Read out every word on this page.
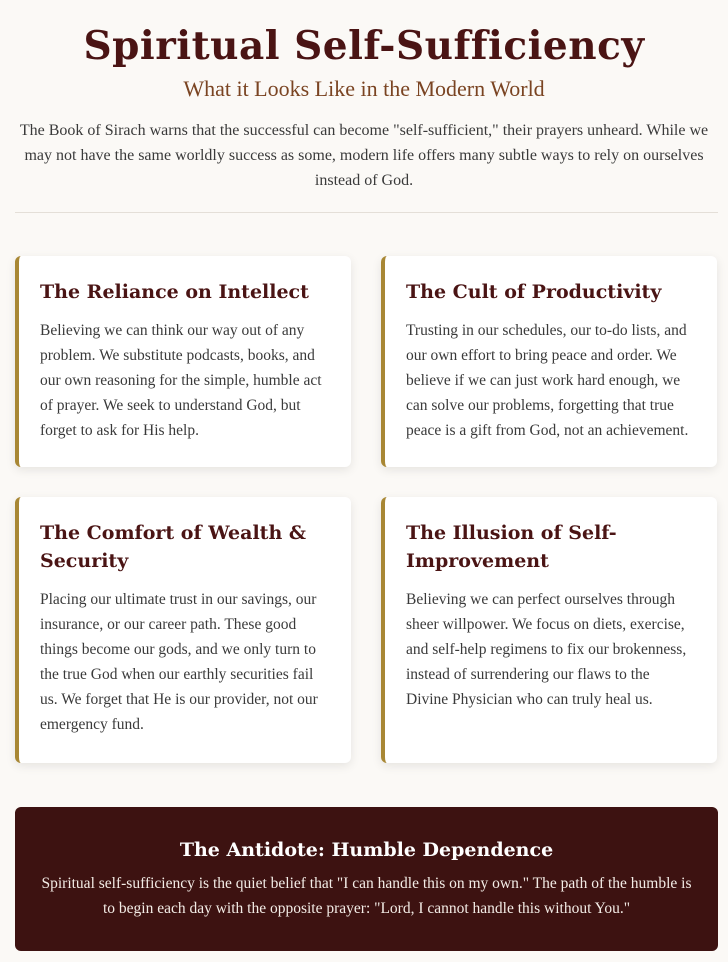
Spiritual Self-Sufficiency
What it Looks Like in the Modern World

The Book of Sirach warns that the successful can become "self-sufficient," their prayers unheard. While we may not have the same worldly success as some, modern life offers many subtle ways to rely on ourselves instead of God.

The Reliance on Intellect

Believing we can think our way out of any problem. We substitute podcasts, books, and our own reasoning for the simple, humble act of prayer. We seek to understand God, but forget to ask for His help.

The Cult of Productivity

Trusting in our schedules, our to-do lists, and our own effort to bring peace and order. We believe if we can just work hard enough, we can solve our problems, forgetting that true peace is a gift from God, not an achievement.

The Comfort of Wealth & Security

Placing our ultimate trust in our savings, our insurance, or our career path. These good things become our gods, and we only turn to the true God when our earthly securities fail us. We forget that He is our provider, not our emergency fund.

The Illusion of Self-Improvement

Believing we can perfect ourselves through sheer willpower. We focus on diets, exercise, and self-help regimens to fix our brokenness, instead of surrendering our flaws to the Divine Physician who can truly heal us.

The Antidote: Humble Dependence

Spiritual self-sufficiency is the quiet belief that "I can handle this on my own." The path of the humble is to begin each day with the opposite prayer: "Lord, I cannot handle this without You."
